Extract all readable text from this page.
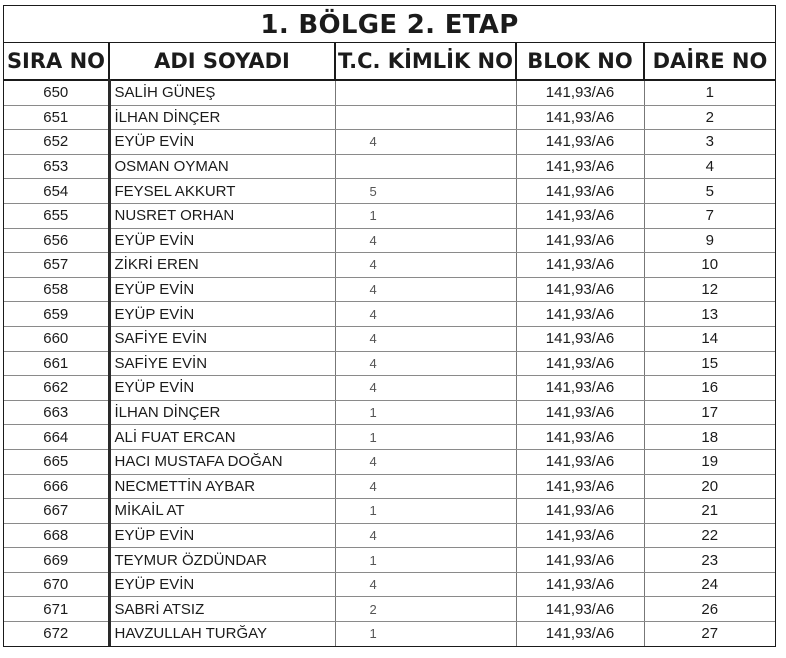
1. BÖLGE 2. ETAP
SIRA NO	ADI SOYADI	T.C. KİMLİK NO	BLOK NO	DAİRE NO
650	SALİH GÜNEŞ		141,93/A6	1
651	İLHAN DİNÇER		141,93/A6	2
652	EYÜP EVİN	4	141,93/A6	3
653	OSMAN OYMAN		141,93/A6	4
654	FEYSEL AKKURT	5	141,93/A6	5
655	NUSRET ORHAN	1	141,93/A6	7
656	EYÜP EVİN	4	141,93/A6	9
657	ZİKRİ EREN	4	141,93/A6	10
658	EYÜP EVİN	4	141,93/A6	12
659	EYÜP EVİN	4	141,93/A6	13
660	SAFİYE EVİN	4	141,93/A6	14
661	SAFİYE EVİN	4	141,93/A6	15
662	EYÜP EVİN	4	141,93/A6	16
663	İLHAN DİNÇER	1	141,93/A6	17
664	ALİ FUAT ERCAN	1	141,93/A6	18
665	HACI MUSTAFA DOĞAN	4	141,93/A6	19
666	NECMETTİN AYBAR	4	141,93/A6	20
667	MİKAİL AT	1	141,93/A6	21
668	EYÜP EVİN	4	141,93/A6	22
669	TEYMUR ÖZDÜNDAR	1	141,93/A6	23
670	EYÜP EVİN	4	141,93/A6	24
671	SABRİ ATSIZ	2	141,93/A6	26
672	HAVZULLAH TURĞAY	1	141,93/A6	27
